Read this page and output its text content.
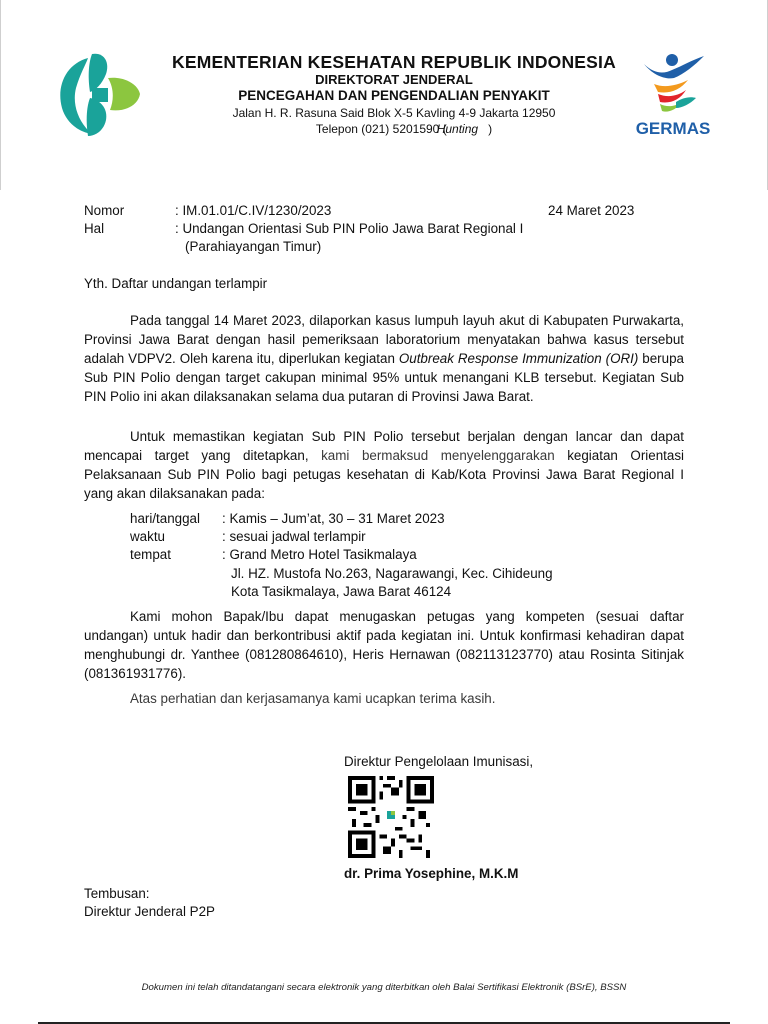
KEMENTERIAN KESEHATAN REPUBLIK INDONESIA
DIREKTORAT JENDERAL
PENCEGAHAN DAN PENGENDALIAN PENYAKIT
Jalan H. R. Rasuna Said Blok X-5 Kavling 4-9 Jakarta 12950
Telepon (021) 5201590 (Hunting )	GERMAS
Nomor	: IM.01.01/C.IV/1230/2023	24 Maret 2023
Hal	: Undangan Orientasi Sub PIN Polio Jawa Barat Regional I
(Parahiayangan Timur)
Yth. Daftar undangan terlampir
Pada tanggal 14 Maret 2023, dilaporkan kasus lumpuh layuh akut di Kabupaten Purwakarta, Provinsi Jawa Barat dengan hasil pemeriksaan laboratorium menyatakan bahwa kasus tersebut adalah VDPV2. Oleh karena itu, diperlukan kegiatan Outbreak Response Immunization (ORI) berupa Sub PIN Polio dengan target cakupan minimal 95% untuk menangani KLB tersebut. Kegiatan Sub PIN Polio ini akan dilaksanakan selama dua putaran di Provinsi Jawa Barat.
Untuk memastikan kegiatan Sub PIN Polio tersebut berjalan dengan lancar dan dapat mencapai target yang ditetapkan, kami bermaksud menyelenggarakan kegiatan Orientasi Pelaksanaan Sub PIN Polio bagi petugas kesehatan di Kab/Kota Provinsi Jawa Barat Regional I yang akan dilaksanakan pada:
hari/tanggal : Kamis – Jum’at, 30 – 31 Maret 2023
waktu	: sesuai jadwal terlampir
tempat	: Grand Metro Hotel Tasikmalaya
Jl. HZ. Mustofa No.263, Nagarawangi, Kec. Cihideung
Kota Tasikmalaya, Jawa Barat 46124
Kami mohon Bapak/Ibu dapat menugaskan petugas yang kompeten (sesuai daftar undangan) untuk hadir dan berkontribusi aktif pada kegiatan ini. Untuk konfirmasi kehadiran dapat menghubungi dr. Yanthee (081280864610), Heris Hernawan (082113123770) atau Rosinta Sitinjak (081361931776).
Atas perhatian dan kerjasamanya kami ucapkan terima kasih.
Direktur Pengelolaan Imunisasi,
dr. Prima Yosephine, M.K.M
Tembusan:
Direktur Jenderal P2P
Dokumen ini telah ditandatangani secara elektronik yang diterbitkan oleh Balai Sertifikasi Elektronik (BSrE), BSSN
